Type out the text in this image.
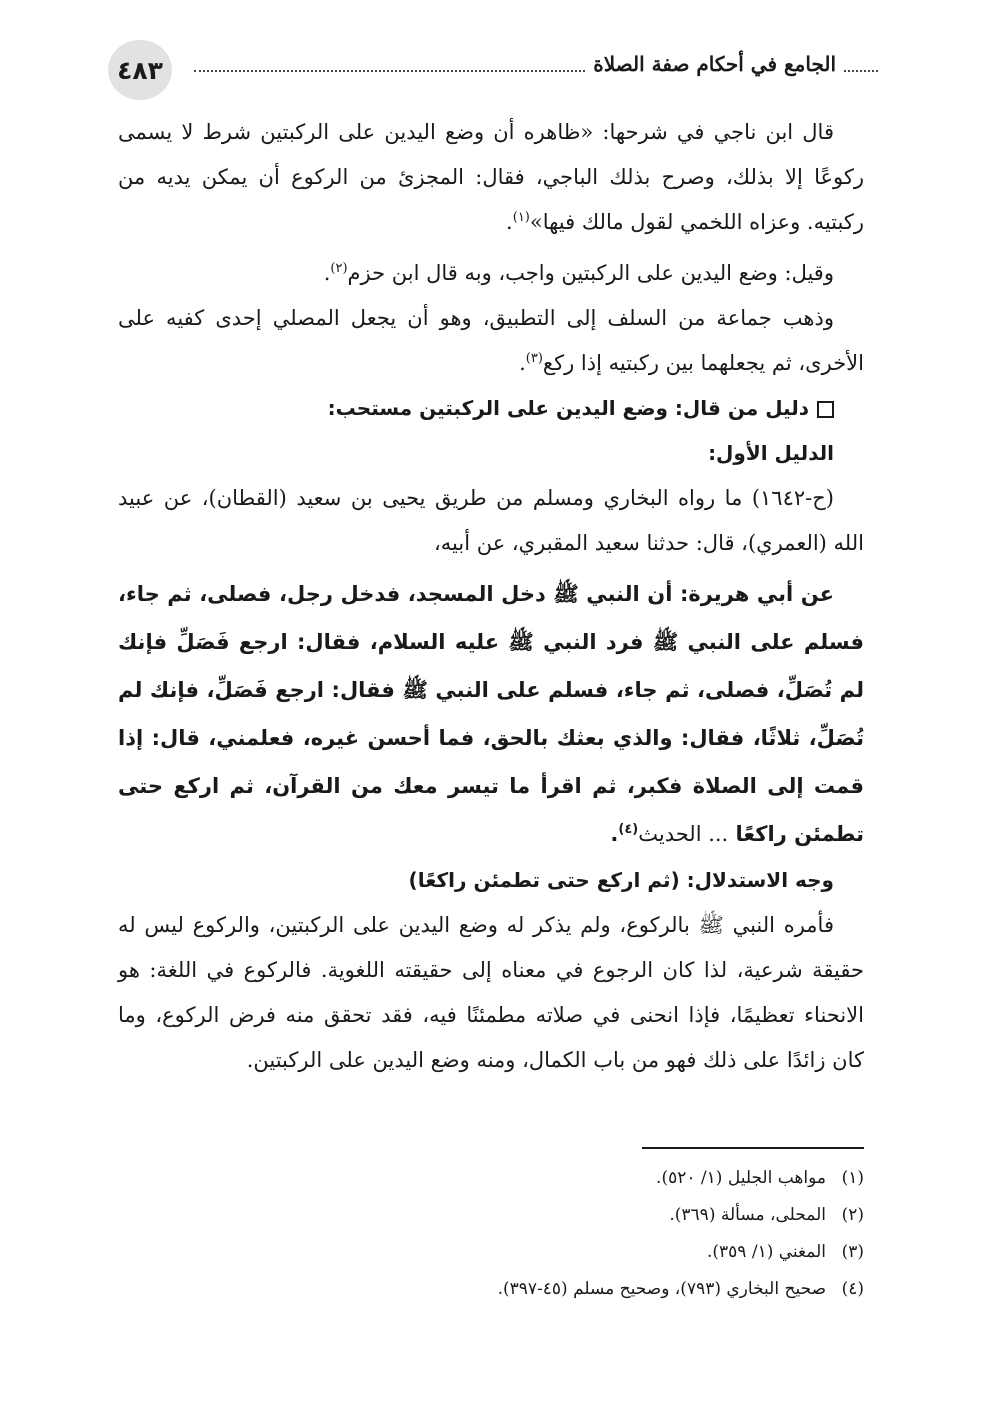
٤٨٣	الجامع في أحكام صفة الصلاة

قال ابن ناجي في شرحها: «ظاهره أن وضع اليدين على الركبتين شرط لا يسمى ركوعًا إلا بذلك، وصرح بذلك الباجي، فقال: المجزئ من الركوع أن يمكن يديه من ركبتيه. وعزاه اللخمي لقول مالك فيها»$^{(١)}$.

وقيل: وضع اليدين على الركبتين واجب، وبه قال ابن حزم$^{(٢)}$.

وذهب جماعة من السلف إلى التطبيق، وهو أن يجعل المصلي إحدى كفيه على الأخرى، ثم يجعلهما بين ركبتيه إذا ركع$^{(٣)}$.

دليل من قال: وضع اليدين على الركبتين مستحب:

الدليل الأول:

(ح-١٦٤٢) ما رواه البخاري ومسلم من طريق يحيى بن سعيد (القطان)، عن عبيد الله (العمري)، قال: حدثنا سعيد المقبري، عن أبيه،

عن أبي هريرة: أن النبي ﷺ دخل المسجد، فدخل رجل، فصلى، ثم جاء، فسلم على النبي ﷺ فرد النبي ﷺ عليه السلام، فقال: ارجع فَصَلِّ فإنك لم تُصَلِّ، فصلى، ثم جاء، فسلم على النبي ﷺ فقال: ارجع فَصَلِّ، فإنك لم تُصَلِّ، ثلاثًا، فقال: والذي بعثك بالحق، فما أحسن غيره، فعلمني، قال: إذا قمت إلى الصلاة فكبر، ثم اقرأ ما تيسر معك من القرآن، ثم اركع حتى تطمئن راكعًا ... الحديث$^{(٤)}$.

وجه الاستدلال: (ثم اركع حتى تطمئن راكعًا)

فأمره النبي ﷺ بالركوع، ولم يذكر له وضع اليدين على الركبتين، والركوع ليس له حقيقة شرعية، لذا كان الرجوع في معناه إلى حقيقته اللغوية. فالركوع في اللغة: هو الانحناء تعظيمًا، فإذا انحنى في صلاته مطمئنًا فيه، فقد تحقق منه فرض الركوع، وما كان زائدًا على ذلك فهو من باب الكمال، ومنه وضع اليدين على الركبتين.

(١)مواهب الجليل (١/ ٥٢٠).

(٢)المحلى، مسألة (٣٦٩).

(٣)المغني (١/ ٣٥٩).

(٤)صحيح البخاري (٧٩٣)، وصحيح مسلم (٤٥-٣٩٧).
